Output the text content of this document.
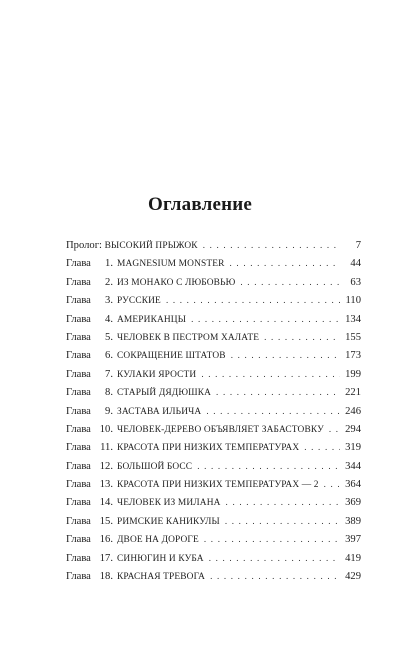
Оглавление
Пролог: ВЫСОКИЙ ПРЫЖОК . . .	7
Глава 1. MAGNESIUM MONSTER . . .	44
Глава 2. ИЗ МОНАКО С ЛЮБОВЬЮ . . .	63
Глава 3. РУССКИЕ . . .	110
Глава 4. АМЕРИКАНЦЫ . . .	134
Глава 5. ЧЕЛОВЕК В ПЕСТРОМ ХАЛАТЕ . . .	155
Глава 6. СОКРАЩЕНИЕ ШТАТОВ . . .	173
Глава 7. КУЛАКИ ЯРОСТИ . . .	199
Глава 8. СТАРЫЙ ДЯДЮШКА . . .	221
Глава 9. ЗАСТАВА ИЛЬИЧА . . .	246
Глава 10. ЧЕЛОВЕК-ДЕРЕВО ОБЪЯВЛЯЕТ ЗАБАСТОВКУ . . . 294
Глава 11. КРАСОТА ПРИ НИЗКИХ ТЕМПЕРАТУРАХ . . .	319
Глава 12. БОЛЬШОЙ БОСС . . .	344
Глава 13. КРАСОТА ПРИ НИЗКИХ ТЕМПЕРАТУРАХ — 2 . . .	364
Глава 14. ЧЕЛОВЕК ИЗ МИЛАНА . . .	369
Глава 15. РИМСКИЕ КАНИКУЛЫ . . .	389
Глава 16. ДВОЕ НА ДОРОГЕ . . .	397
Глава 17. СИНЮГИН И КУБА . . .	419
Глава 18. КРАСНАЯ ТРЕВОГА . . .	429
